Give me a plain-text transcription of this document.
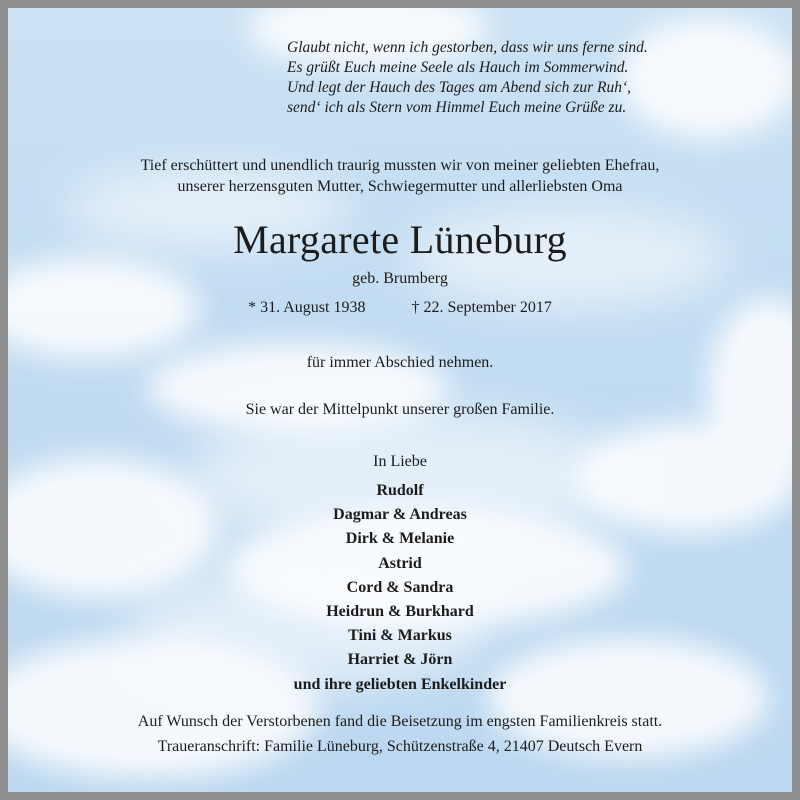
Glaubt nicht, wenn ich gestorben, dass wir uns ferne sind.
Es grüßt Euch meine Seele als Hauch im Sommerwind.
Und legt der Hauch des Tages am Abend sich zur Ruh‘,
send‘ ich als Stern vom Himmel Euch meine Grüße zu.
Tief erschüttert und unendlich traurig mussten wir von meiner geliebten Ehefrau,
unserer herzensguten Mutter, Schwiegermutter und allerliebsten Oma
Margarete Lüneburg
geb. Brumberg
* 31. August 1938	† 22. September 2017
für immer Abschied nehmen.
Sie war der Mittelpunkt unserer großen Familie.
In Liebe
Rudolf
Dagmar & Andreas
Dirk & Melanie
Astrid
Cord & Sandra
Heidrun & Burkhard
Tini & Markus
Harriet & Jörn
und ihre geliebten Enkelkinder
Auf Wunsch der Verstorbenen fand die Beisetzung im engsten Familienkreis statt.
Traueranschrift: Familie Lüneburg, Schützenstraße 4, 21407 Deutsch Evern
